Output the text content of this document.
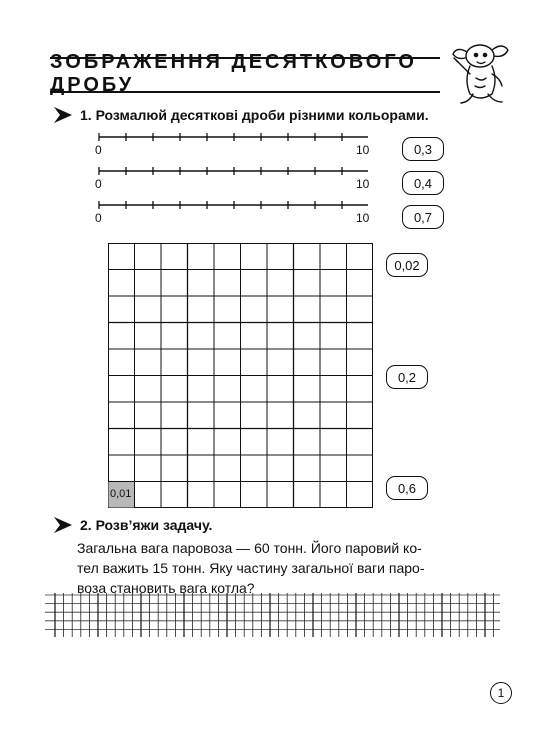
ЗОБРАЖЕННЯ ДЕСЯТКОВОГО ДРОБУ
1. Розмалюй десяткові дроби різними кольорами.
0	10	0,3
0	10	0,4
0	10	0,7
0,01
0,02
0,2
0,6
2. Розв’яжи задачу.
Загальна вага паровоза — 60 тонн. Його паровий ко-
тел важить 15 тонн. Яку частину загальної ваги паро-
воза становить вага котла?
1
